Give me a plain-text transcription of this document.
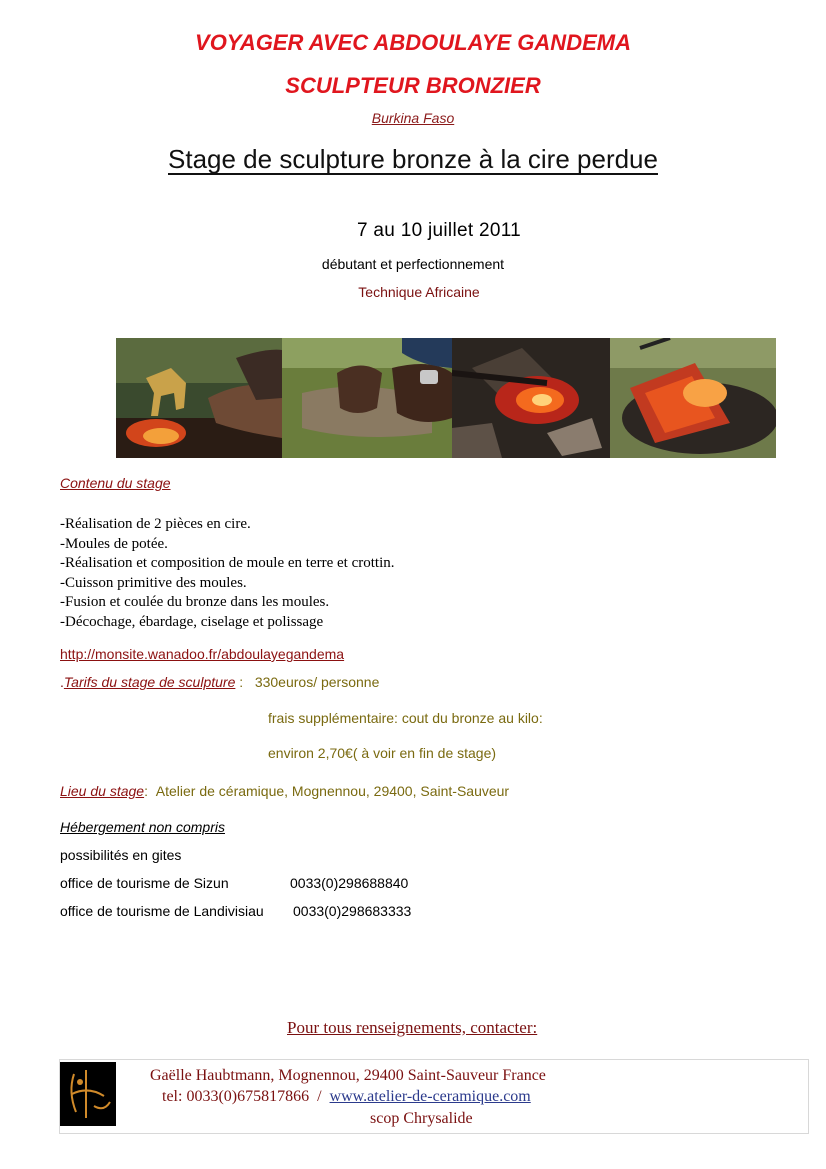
VOYAGER AVEC ABDOULAYE GANDEMA
SCULPTEUR BRONZIER
Burkina Faso
Stage de sculpture bronze à la cire perdue
7 au 10 juillet 2011
débutant et perfectionnement
Technique Africaine
Contenu du stage
-Réalisation de 2 pièces en cire.
-Moules de potée.
-Réalisation et composition de moule en terre et crottin.
-Cuisson primitive des moules.
-Fusion et coulée du bronze dans les moules.
-Décochage, ébardage, ciselage et polissage
http://monsite.wanadoo.fr/abdoulayegandema
.Tarifs du stage de sculpture : 330euros/ personne
frais supplémentaire: cout du bronze au kilo:
environ 2,70€( à voir en fin de stage)
Lieu du stage: Atelier de céramique, Mognennou, 29400, Saint-Sauveur
Hébergement non compris
possibilités en gites
office de tourisme de Sizun	0033(0)298688840
office de tourisme de Landivisiau 0033(0)298683333
Pour tous renseignements, contacter:
Gaëlle Haubtmann, Mognennou, 29400 Saint-Sauveur France
tel: 0033(0)675817866  /  www.atelier-de-ceramique.com
scop Chrysalide
